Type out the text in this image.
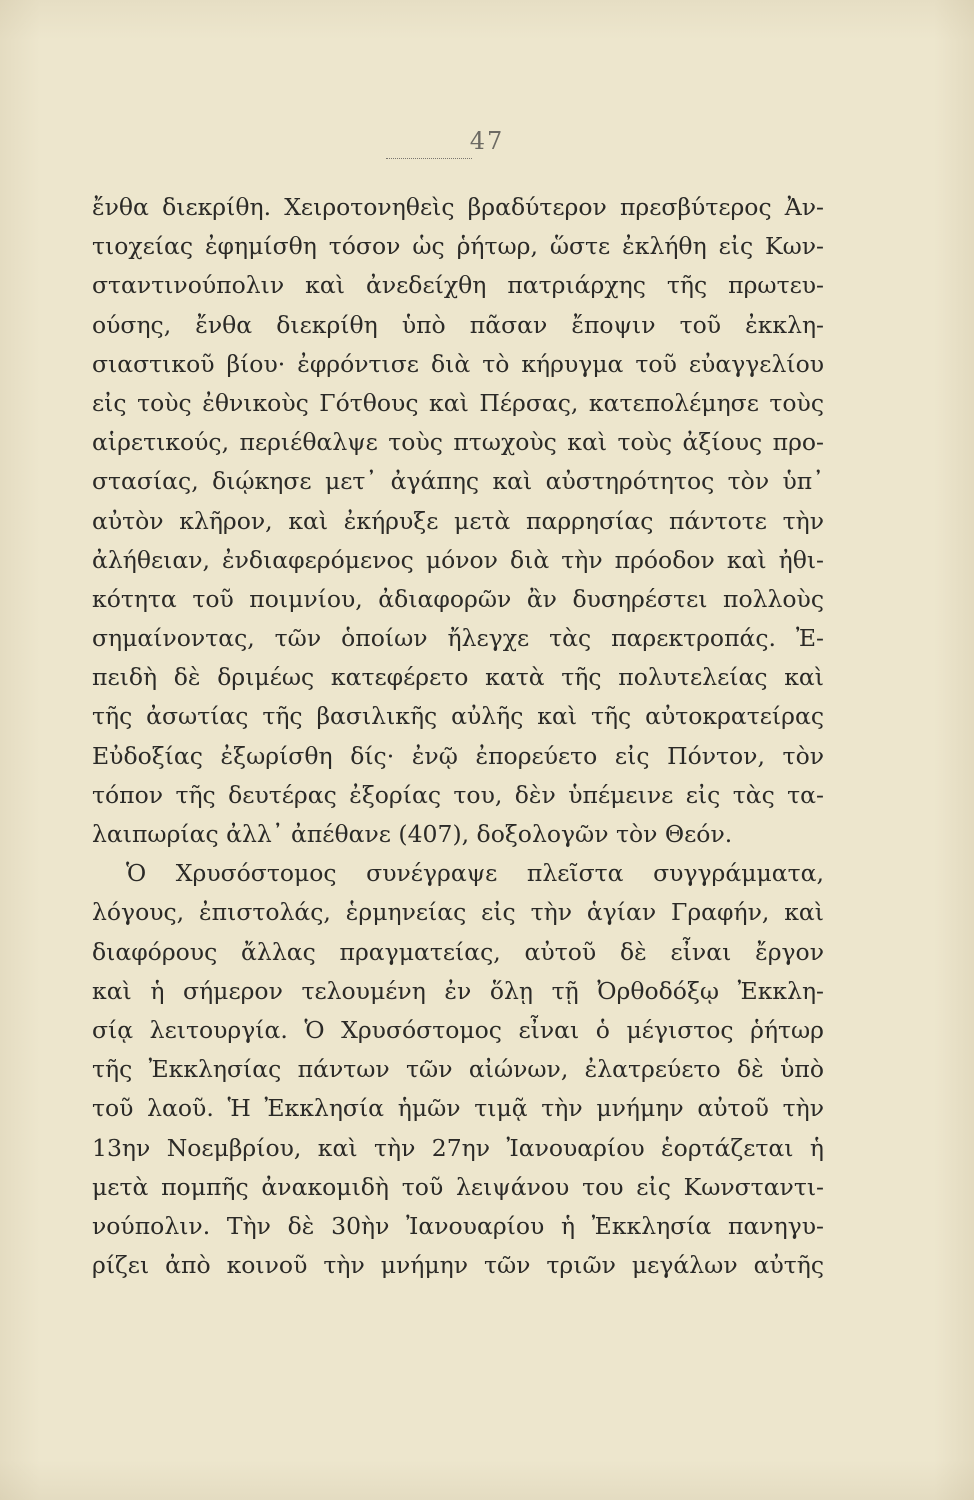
47
ἔνθα διεκρίθη. Χειροτονηθεὶς βραδύτερον πρεσβύτερος Ἀν-
τιοχείας ἐφημίσθη τόσον ὡς ῥήτωρ, ὥστε ἐκλήθη εἰς Κων-
σταντινούπολιν καὶ ἀνεδείχθη πατριάρχης τῆς πρωτευ-
ούσης, ἔνθα διεκρίθη ὑπὸ πᾶσαν ἔποψιν τοῦ ἐκκλη-
σιαστικοῦ βίου· ἐφρόντισε διὰ τὸ κήρυγμα τοῦ εὐαγγελίου
εἰς τοὺς ἐθνικοὺς Γότθους καὶ Πέρσας, κατεπολέμησε τοὺς
αἱρετικούς, περιέθαλψε τοὺς πτωχοὺς καὶ τοὺς ἀξίους προ-
στασίας, διῴκησε μετ᾽ ἀγάπης καὶ αὐστηρότητος τὸν ὑπ᾽
αὐτὸν κλῆρον, καὶ ἐκήρυξε μετὰ παρρησίας πάντοτε τὴν
ἀλήθειαν, ἐνδιαφερόμενος μόνον διὰ τὴν πρόοδον καὶ ἠθι-
κότητα τοῦ ποιμνίου, ἀδιαφορῶν ἂν δυσηρέστει πολλοὺς
σημαίνοντας, τῶν ὁποίων ἤλεγχε τὰς παρεκτροπάς. Ἐ-
πειδὴ δὲ δριμέως κατεφέρετο κατὰ τῆς πολυτελείας καὶ
τῆς ἀσωτίας τῆς βασιλικῆς αὐλῆς καὶ τῆς αὐτοκρατείρας
Εὐδοξίας ἐξωρίσθη δίς· ἐνῷ ἐπορεύετο εἰς Πόντον, τὸν
τόπον τῆς δευτέρας ἐξορίας του, δὲν ὑπέμεινε εἰς τὰς τα-
λαιπωρίας ἀλλ᾽ ἀπέθανε (407), δοξολογῶν τὸν Θεόν.
Ὁ Χρυσόστομος συνέγραψε πλεῖστα συγγράμματα,
λόγους, ἐπιστολάς, ἑρμηνείας εἰς τὴν ἁγίαν Γραφήν, καὶ
διαφόρους ἄλλας πραγματείας, αὐτοῦ δὲ εἶναι ἔργον
καὶ ἡ σήμερον τελουμένη ἐν ὅλῃ τῇ Ὀρθοδόξῳ Ἐκκλη-
σίᾳ λειτουργία. Ὁ Χρυσόστομος εἶναι ὁ μέγιστος ῥήτωρ
τῆς Ἐκκλησίας πάντων τῶν αἰώνων, ἐλατρεύετο δὲ ὑπὸ
τοῦ λαοῦ. Ἡ Ἐκκλησία ἡμῶν τιμᾷ τὴν μνήμην αὐτοῦ τὴν
13ην Νοεμβρίου, καὶ τὴν 27ην Ἰανουαρίου ἑορτάζεται ἡ
μετὰ πομπῆς ἀνακομιδὴ τοῦ λειψάνου του εἰς Κωνσταντι-
νούπολιν. Τὴν δὲ 30ὴν Ἰανουαρίου ἡ Ἐκκλησία πανηγυ-
ρίζει ἀπὸ κοινοῦ τὴν μνήμην τῶν τριῶν μεγάλων αὐτῆς
